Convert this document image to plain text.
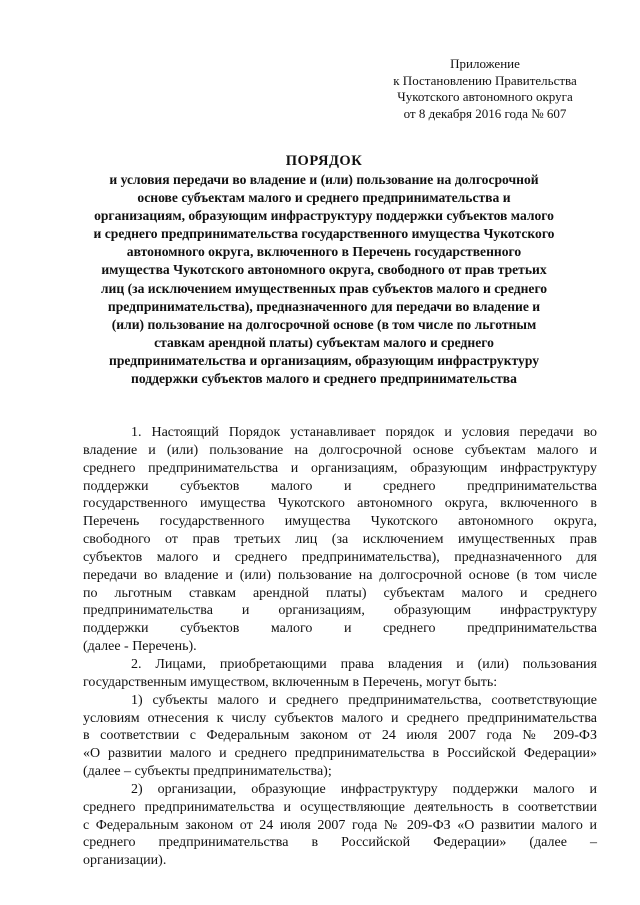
Приложение
к Постановлению Правительства
Чукотского автономного округа
от 8 декабря 2016 года № 607
ПОРЯДОК
и условия передачи во владение и (или) пользование на долгосрочной
основе субъектам малого и среднего предпринимательства и
организациям, образующим инфраструктуру поддержки субъектов малого
и среднего предпринимательства государственного имущества Чукотского
автономного округа, включенного в Перечень государственного
имущества Чукотского автономного округа, свободного от прав третьих
лиц (за исключением имущественных прав субъектов малого и среднего
предпринимательства), предназначенного для передачи во владение и
(или) пользование на долгосрочной основе (в том числе по льготным
ставкам арендной платы) субъектам малого и среднего
предпринимательства и организациям, образующим инфраструктуру
поддержки субъектов малого и среднего предпринимательства
1. Настоящий Порядок устанавливает порядок и условия передачи во
владение и (или) пользование на долгосрочной основе субъектам малого и
среднего предпринимательства и организациям, образующим инфраструктуру
поддержки субъектов малого и среднего предпринимательства
государственного имущества Чукотского автономного округа, включенного в
Перечень государственного имущества Чукотского автономного округа,
свободного от прав третьих лиц (за исключением имущественных прав
субъектов малого и среднего предпринимательства), предназначенного для
передачи во владение и (или) пользование на долгосрочной основе (в том числе
по льготным ставкам арендной платы) субъектам малого и среднего
предпринимательства и организациям, образующим инфраструктуру
поддержки субъектов малого и среднего предпринимательства
(далее - Перечень).
2. Лицами, приобретающими права владения и (или) пользования
государственным имуществом, включенным в Перечень, могут быть:
1) субъекты малого и среднего предпринимательства, соответствующие
условиям отнесения к числу субъектов малого и среднего предпринимательства
в соответствии с Федеральным законом от 24 июля 2007 года № 209-ФЗ
«О развитии малого и среднего предпринимательства в Российской Федерации»
(далее – субъекты предпринимательства);
2) организации, образующие инфраструктуру поддержки малого и
среднего предпринимательства и осуществляющие деятельность в соответствии
с Федеральным законом от 24 июля 2007 года № 209-ФЗ «О развитии малого и
среднего предпринимательства в Российской Федерации» (далее –
организации).
